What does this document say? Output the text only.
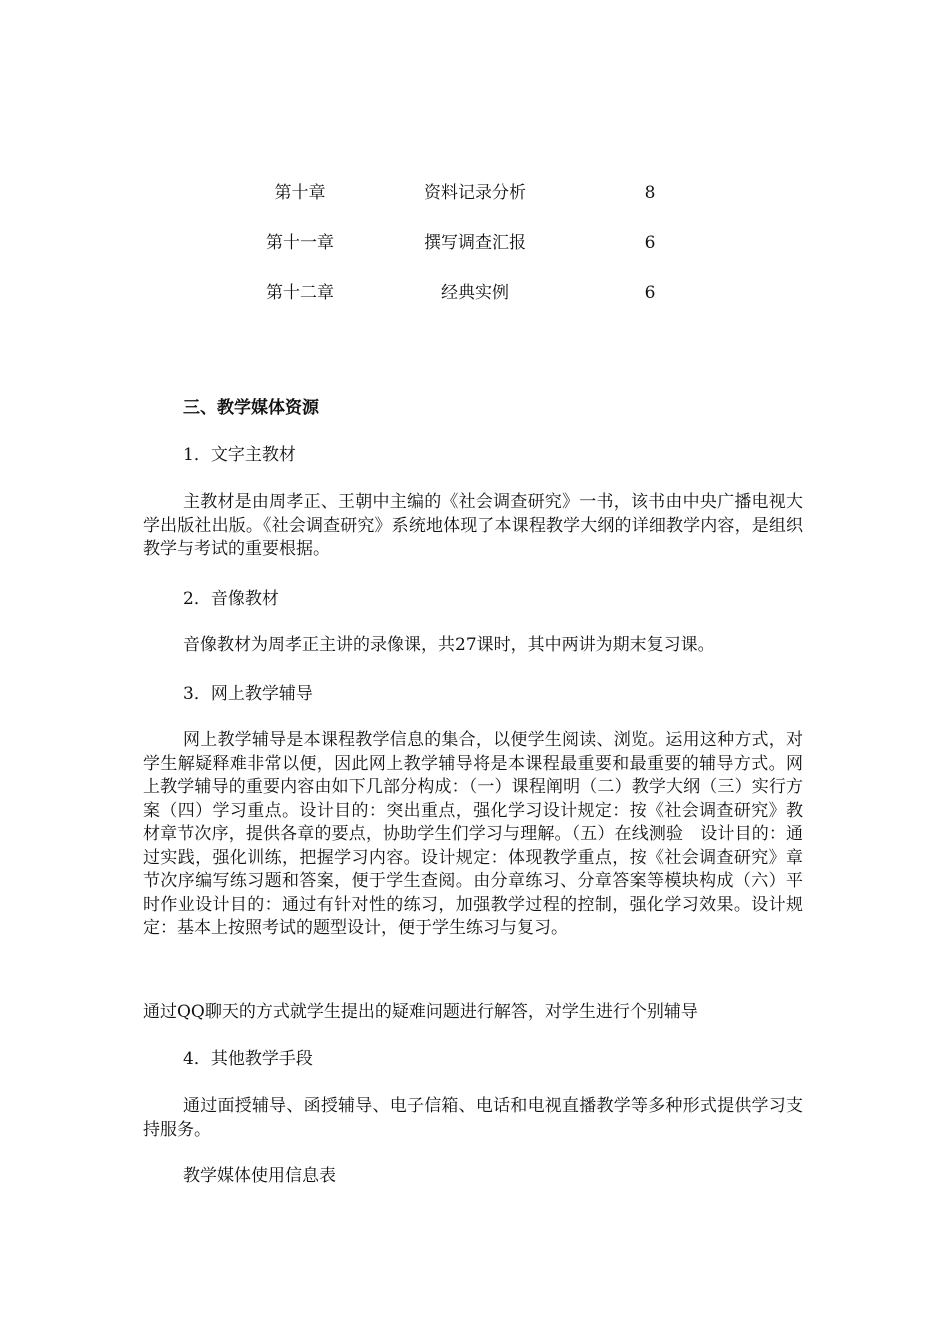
第十章	资料记录分析	8
第十一章	撰写调查汇报	6
第十二章	经典实例	6
三、教学媒体资源
1．文字主教材
主教材是由周孝正、王朝中主编的《社会调查研究》一书，该书由中央广播电视大学出版社出版。《社会调查研究》系统地体现了本课程教学大纲的详细教学内容，是组织教学与考试的重要根据。
2．音像教材
音像教材为周孝正主讲的录像课，共27课时，其中两讲为期末复习课。
3．网上教学辅导
网上教学辅导是本课程教学信息的集合，以便学生阅读、浏览。运用这种方式，对学生解疑释难非常以便，因此网上教学辅导将是本课程最重要和最重要的辅导方式。网上教学辅导的重要内容由如下几部分构成：（一）课程阐明（二）教学大纲（三）实行方案（四）学习重点。设计目的：突出重点，强化学习设计规定：按《社会调查研究》教材章节次序，提供各章的要点，协助学生们学习与理解。（五）在线测验　设计目的：通过实践，强化训练，把握学习内容。设计规定：体现教学重点，按《社会调查研究》章节次序编写练习题和答案，便于学生查阅。由分章练习、分章答案等模块构成（六）平时作业设计目的：通过有针对性的练习，加强教学过程的控制，强化学习效果。设计规定：基本上按照考试的题型设计，便于学生练习与复习。
通过QQ聊天的方式就学生提出的疑难问题进行解答，对学生进行个别辅导
4．其他教学手段
通过面授辅导、函授辅导、电子信箱、电话和电视直播教学等多种形式提供学习支持服务。
教学媒体使用信息表
